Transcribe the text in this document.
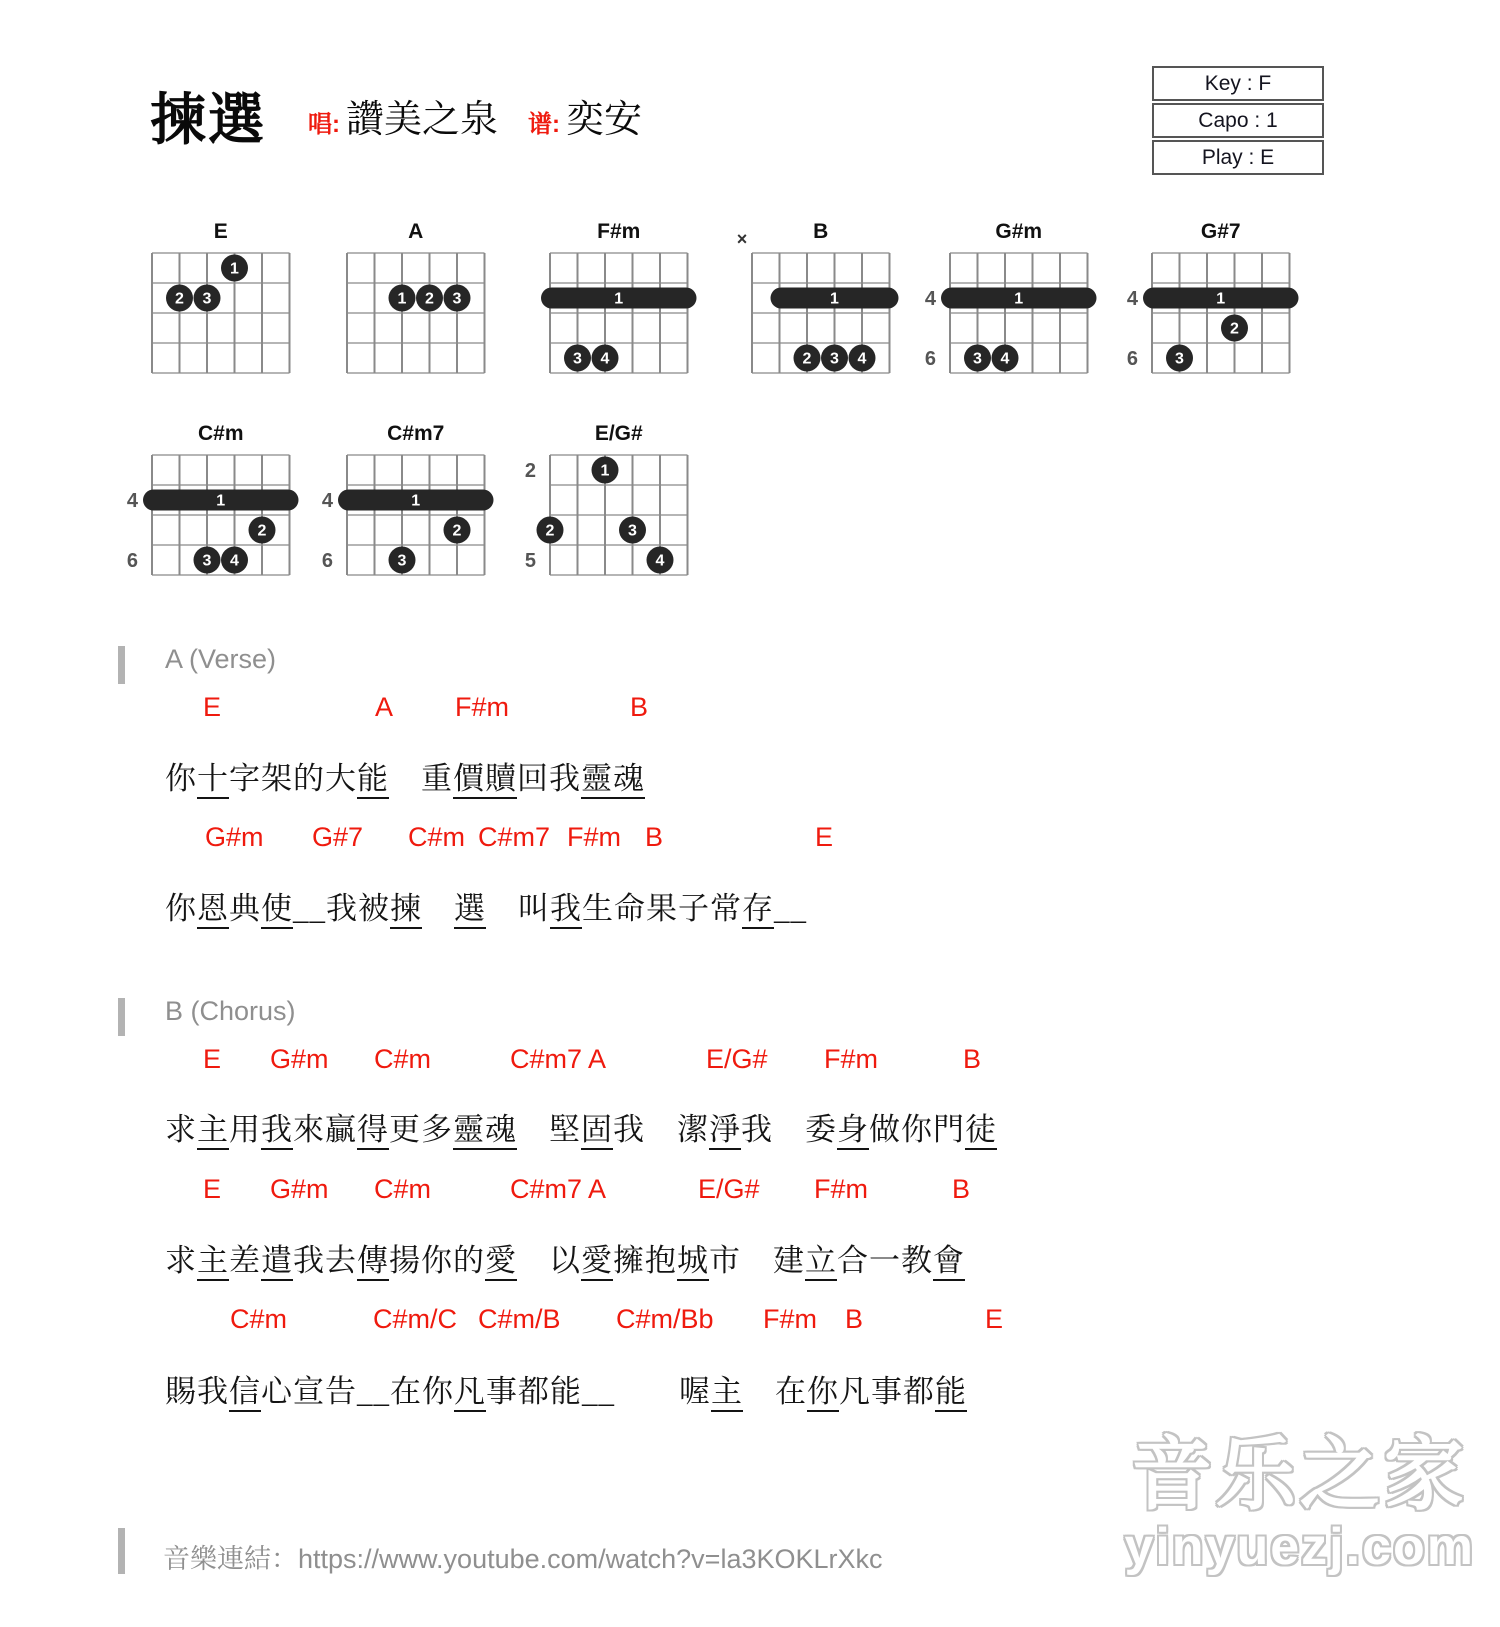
揀選 唱: 讚美之泉 谱: 奕安
Key : F
Capo : 1
Play : E
E
1
2 3
A
1 2 3
F#m
1
3 4
B
×
1
2 3 4
G#m
4
6
1
3 4
G#7
4
6
1
2
3
C#m
4
6
1
2
3 4
C#m7
4
6
1
2
3
E/G#
2
5
1
2	3
4
A (Verse)
B (Chorus)
E	A F#m	B
G#m G#7 C#m C#m7 F#m B	E
E G#m C#m	C#m7 A	E/G# F#m	B
E G#m C#m	C#m7 A	E/G# F#m	B
C#m	C#m/C C#m/B C#m/Bb F#m B	E
你十字架的大能　重價贖回我靈魂
你恩典使__我被揀　 選　叫我生命果子常存__
求主用我來贏得更多靈魂　堅固我　潔淨我　委身做你門徒
求主差遣我去傳揚你的愛　以愛擁抱城市　建立合一教會
賜我信心宣告__在你凡事都能__　　喔主　在你凡事都能
音樂連結：https://www.youtube.com/watch?v=la3KOKLrXkc
音乐之家
yinyuezj.com
